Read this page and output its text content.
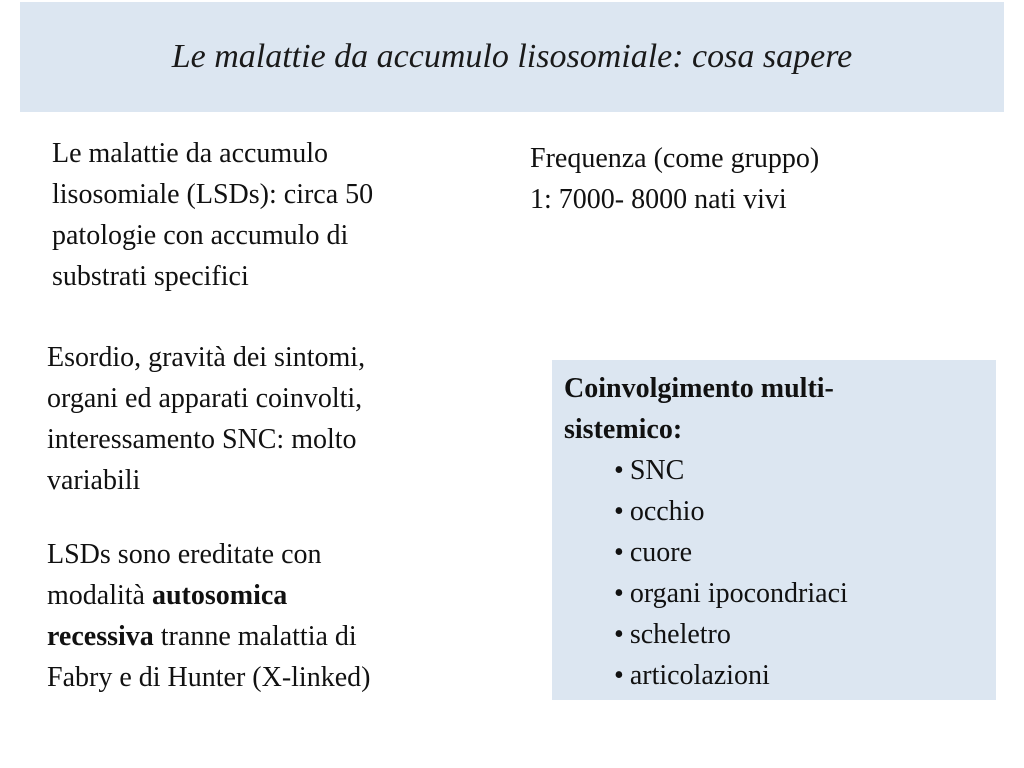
Le malattie da accumulo lisosomiale: cosa sapere

Le malattie da accumulo

lisosomiale (LSDs): circa 50

patologie con accumulo di

substrati specifici

Frequenza (come gruppo)

1: 7000- 8000 nati vivi

Esordio, gravità dei sintomi,

organi ed apparati coinvolti,

interessamento SNC: molto

variabili

LSDs sono ereditate con

modalità autosomica

recessiva tranne malattia di

Fabry e di Hunter (X-linked)

Coinvolgimento multi-

sistemico:

• SNC
• occhio
• cuore
• organi ipocondriaci
• scheletro
• articolazioni
